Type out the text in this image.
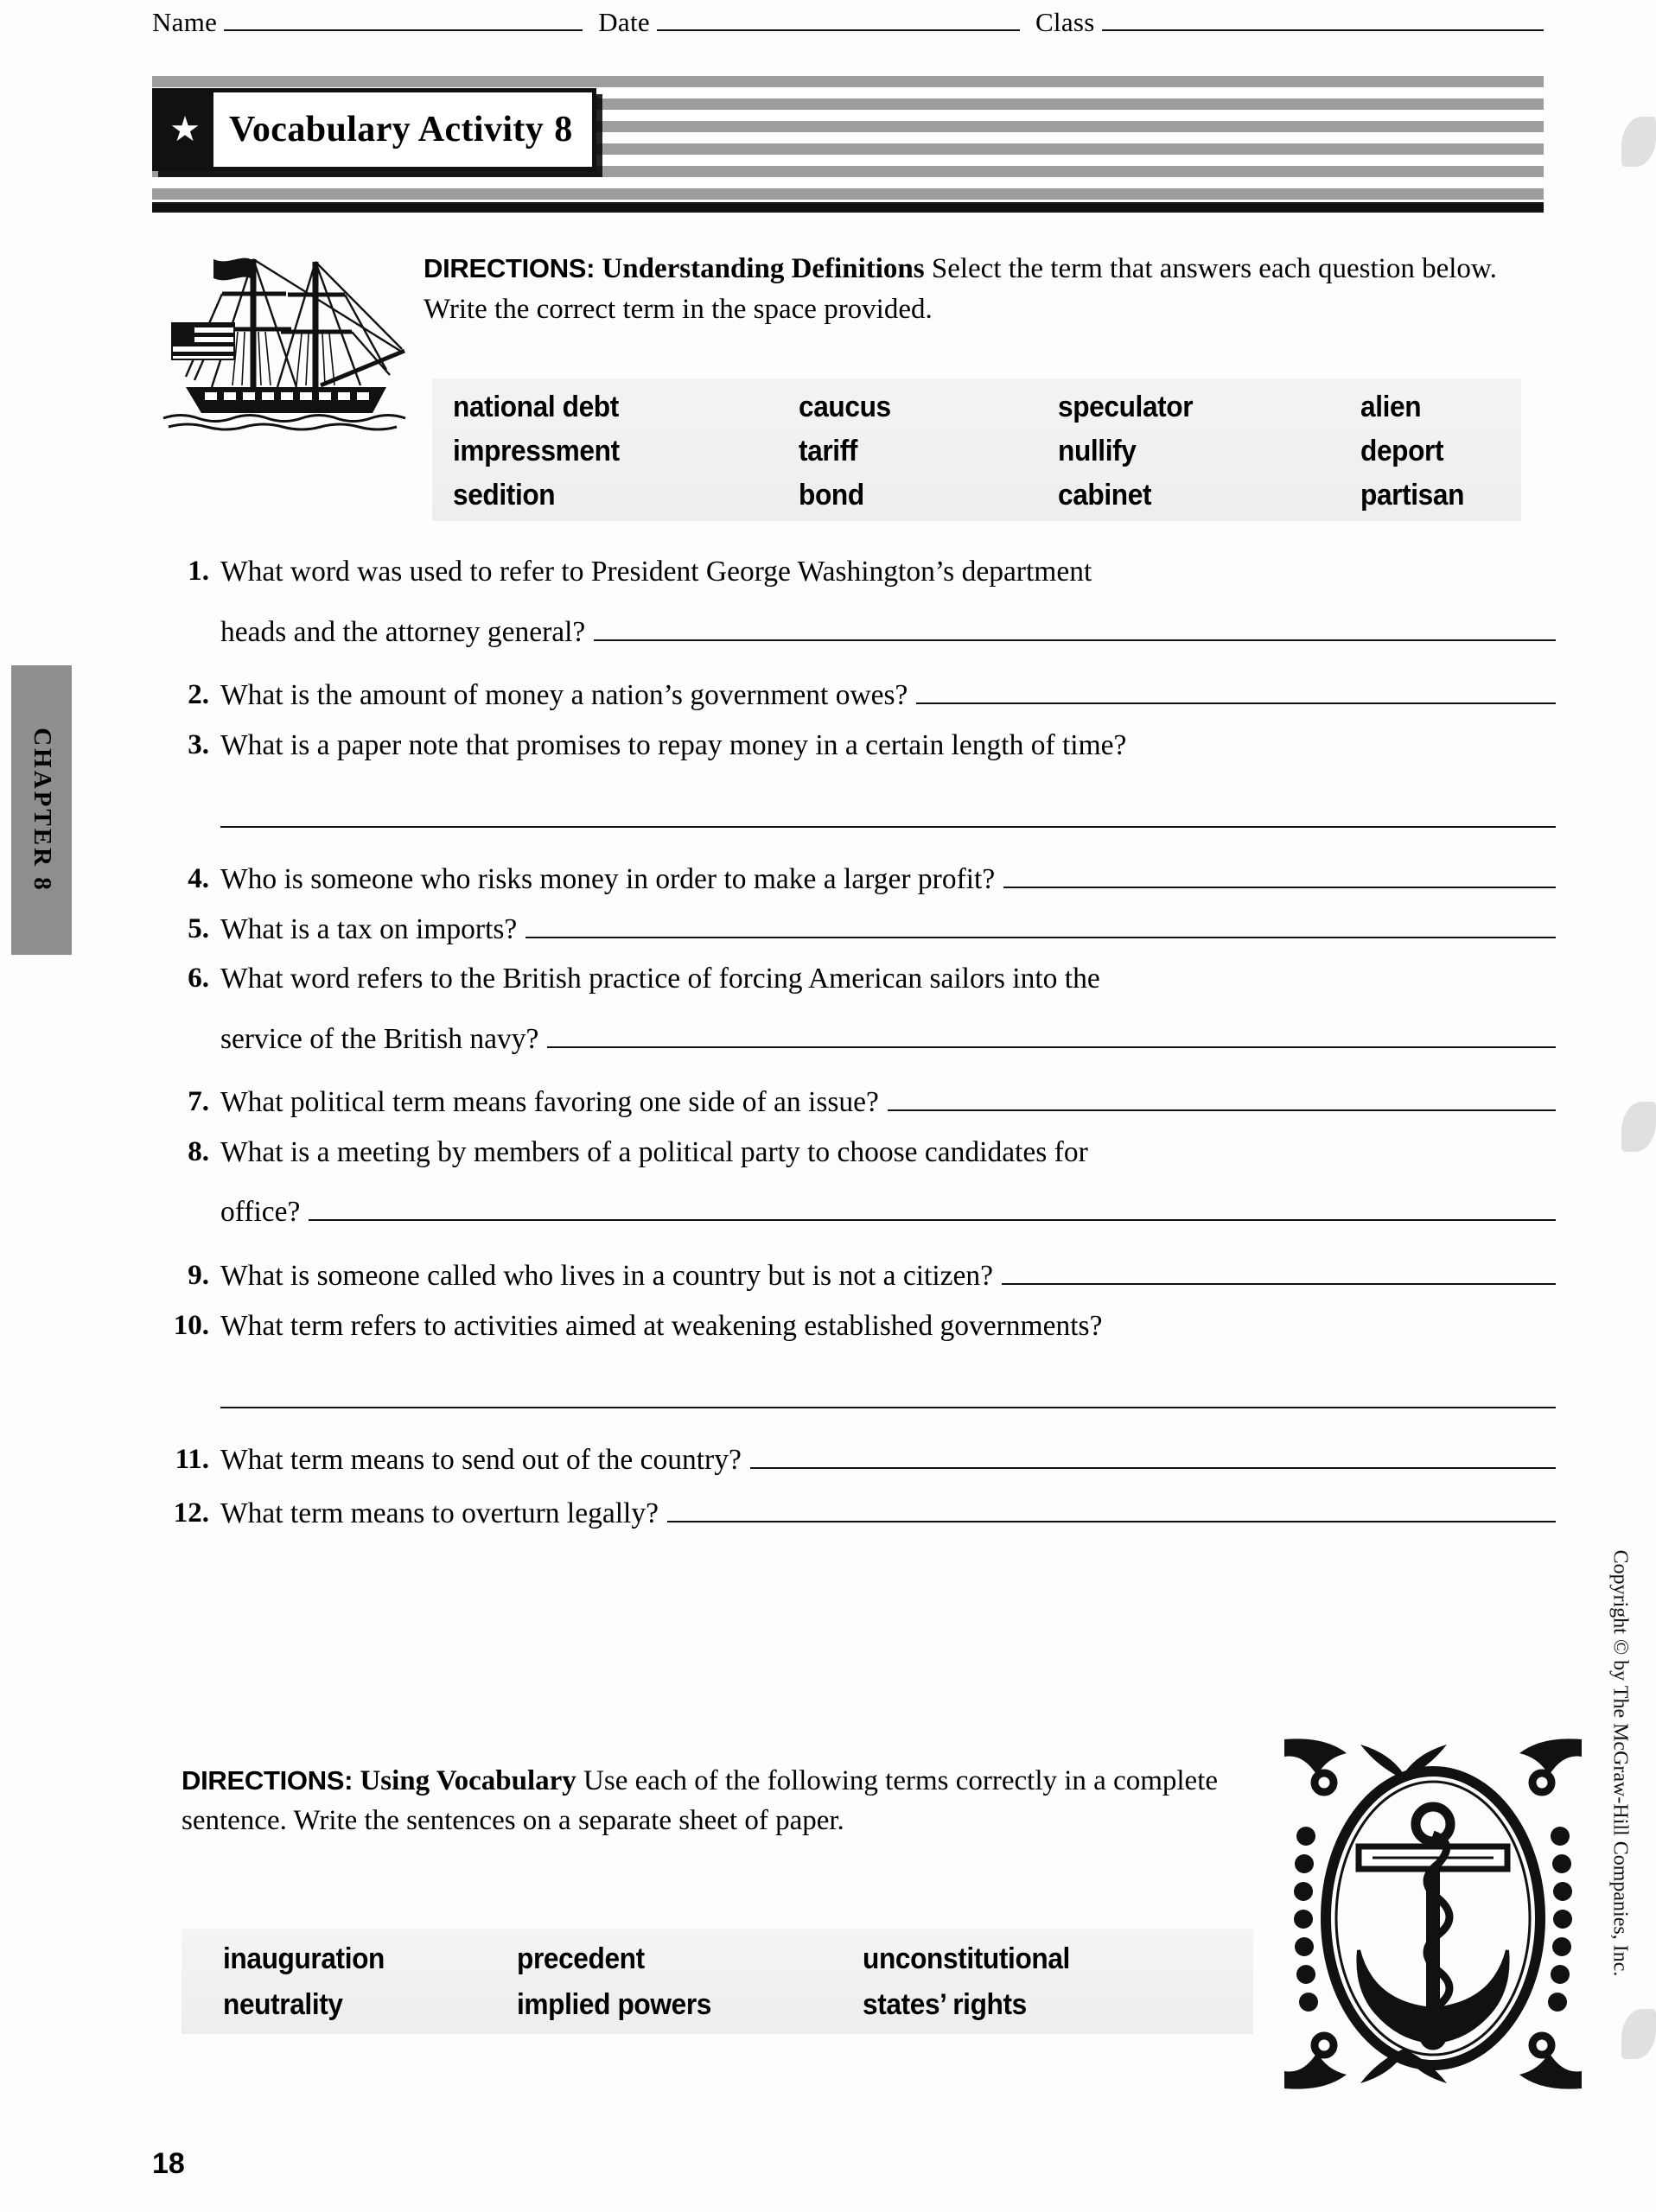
Name	Date	Class
★ Vocabulary Activity 8
CHAPTER 8
Copyright © by The McGraw-Hill Companies, Inc.
DIRECTIONS: Understanding Definitions Select the term that answers each question below. Write the correct term in the space provided.
national debt	caucus	speculator	alien
impressment	tariff	nullify	deport
sedition	bond	cabinet	partisan
1. What word was used to refer to President George Washington’s department
heads and the attorney general?
2. What is the amount of money a nation’s government owes?
3. What is a paper note that promises to repay money in a certain length of time?
4. Who is someone who risks money in order to make a larger profit?
5. What is a tax on imports?
6. What word refers to the British practice of forcing American sailors into the
service of the British navy?
7. What political term means favoring one side of an issue?
8. What is a meeting by members of a political party to choose candidates for
office?
9. What is someone called who lives in a country but is not a citizen?
10. What term refers to activities aimed at weakening established governments?
11. What term means to send out of the country?
12. What term means to overturn legally?
DIRECTIONS: Using Vocabulary Use each of the following terms correctly in a complete sentence. Write the sentences on a separate sheet of paper.
inauguration	precedent	unconstitutional
neutrality	implied powers	states’ rights
18
